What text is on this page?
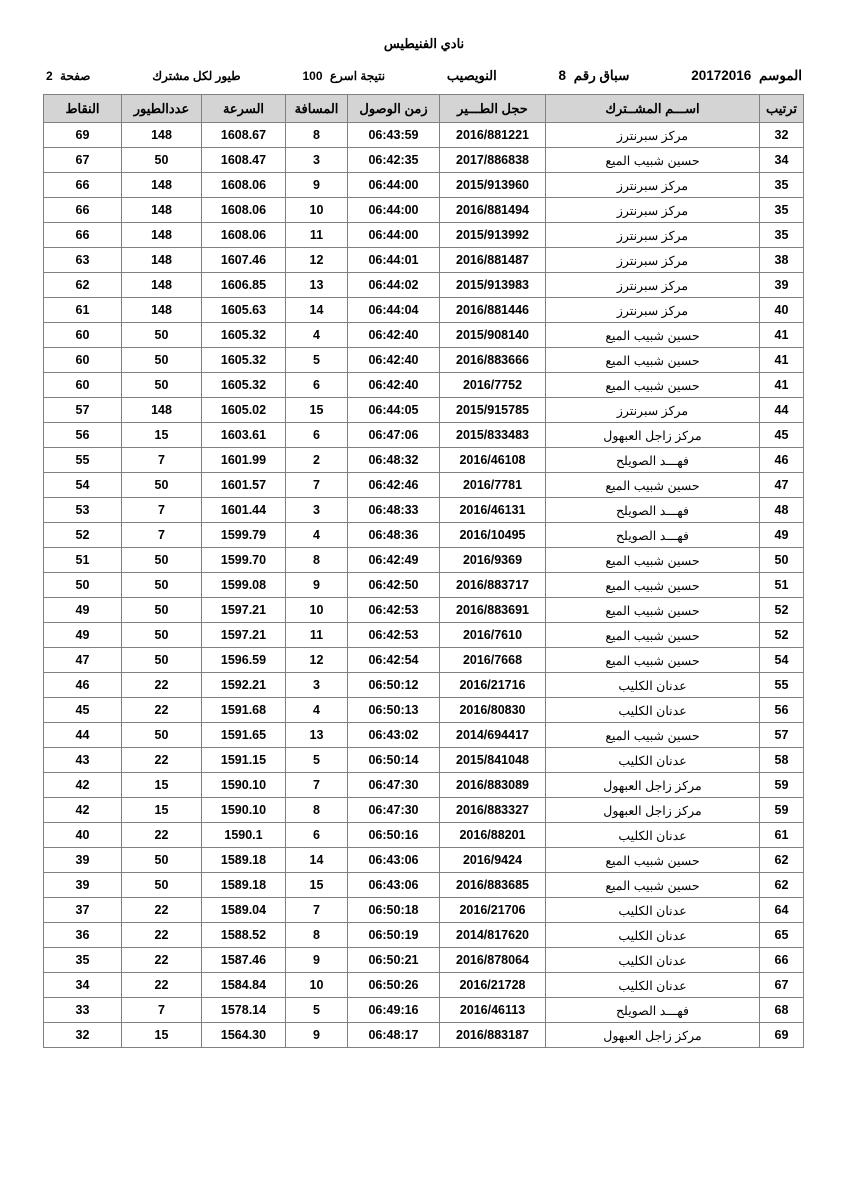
نادي الفنيطيس
الموسم 20172016
سباق رقم 8
النويصيب
نتيجة اسرع 100
طيور لكل مشترك
صفحة 2
ترتيب	اســـم المشــترك	حجل الطـــير	زمن الوصول	المسافة	السرعة	عددالطيور	النقاط
32	مركز سبرنترز	2016/881221	06:43:59	8	1608.67	148	69
34	حسين شبيب الميع	2017/886838	06:42:35	3	1608.47	50	67
35	مركز سبرنترز	2015/913960	06:44:00	9	1608.06	148	66
35	مركز سبرنترز	2016/881494	06:44:00	10	1608.06	148	66
35	مركز سبرنترز	2015/913992	06:44:00	11	1608.06	148	66
38	مركز سبرنترز	2016/881487	06:44:01	12	1607.46	148	63
39	مركز سبرنترز	2015/913983	06:44:02	13	1606.85	148	62
40	مركز سبرنترز	2016/881446	06:44:04	14	1605.63	148	61
41	حسين شبيب الميع	2015/908140	06:42:40	4	1605.32	50	60
41	حسين شبيب الميع	2016/883666	06:42:40	5	1605.32	50	60
41	حسين شبيب الميع	2016/7752	06:42:40	6	1605.32	50	60
44	مركز سبرنترز	2015/915785	06:44:05	15	1605.02	148	57
45	مركز زاجل العبهول	2015/833483	06:47:06	6	1603.61	15	56
46	فهـــد الصويلح	2016/46108	06:48:32	2	1601.99	7	55
47	حسين شبيب الميع	2016/7781	06:42:46	7	1601.57	50	54
48	فهـــد الصويلح	2016/46131	06:48:33	3	1601.44	7	53
49	فهـــد الصويلح	2016/10495	06:48:36	4	1599.79	7	52
50	حسين شبيب الميع	2016/9369	06:42:49	8	1599.70	50	51
51	حسين شبيب الميع	2016/883717	06:42:50	9	1599.08	50	50
52	حسين شبيب الميع	2016/883691	06:42:53	10	1597.21	50	49
52	حسين شبيب الميع	2016/7610	06:42:53	11	1597.21	50	49
54	حسين شبيب الميع	2016/7668	06:42:54	12	1596.59	50	47
55	عدنان الكليب	2016/21716	06:50:12	3	1592.21	22	46
56	عدنان الكليب	2016/80830	06:50:13	4	1591.68	22	45
57	حسين شبيب الميع	2014/694417	06:43:02	13	1591.65	50	44
58	عدنان الكليب	2015/841048	06:50:14	5	1591.15	22	43
59	مركز زاجل العبهول	2016/883089	06:47:30	7	1590.10	15	42
59	مركز زاجل العبهول	2016/883327	06:47:30	8	1590.10	15	42
61	عدنان الكليب	2016/88201	06:50:16	6	1590.1	22	40
62	حسين شبيب الميع	2016/9424	06:43:06	14	1589.18	50	39
62	حسين شبيب الميع	2016/883685	06:43:06	15	1589.18	50	39
64	عدنان الكليب	2016/21706	06:50:18	7	1589.04	22	37
65	عدنان الكليب	2014/817620	06:50:19	8	1588.52	22	36
66	عدنان الكليب	2016/878064	06:50:21	9	1587.46	22	35
67	عدنان الكليب	2016/21728	06:50:26	10	1584.84	22	34
68	فهـــد الصويلح	2016/46113	06:49:16	5	1578.14	7	33
69	مركز زاجل العبهول	2016/883187	06:48:17	9	1564.30	15	32
